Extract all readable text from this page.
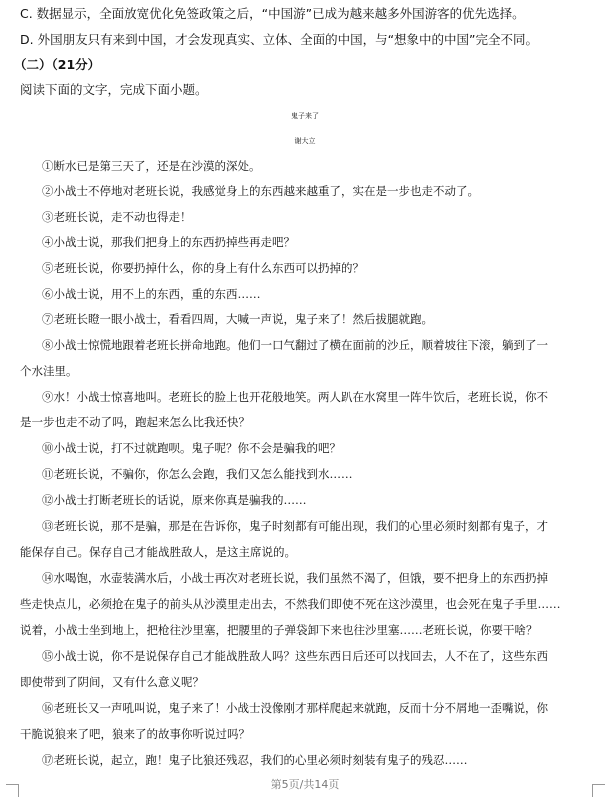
C. 数据显示，全面放宽优化免签政策之后，“中国游”已成为越来越多外国游客的优先选择。
D. 外国朋友只有来到中国，才会发现真实、立体、全面的中国，与“想象中的中国”完全不同。
（二）（21分）
阅读下面的文字，完成下面小题。
鬼子来了
谢大立
①断水已是第三天了，还是在沙漠的深处。
②小战士不停地对老班长说，我感觉身上的东西越来越重了，实在是一步也走不动了。
③老班长说，走不动也得走！
④小战士说，那我们把身上的东西扔掉些再走吧？
⑤老班长说，你要扔掉什么，你的身上有什么东西可以扔掉的？
⑥小战士说，用不上的东西，重的东西……
⑦老班长瞪一眼小战士，看看四周，大喊一声说，鬼子来了！然后拔腿就跑。
⑧小战士惊慌地跟着老班长拼命地跑。他们一口气翻过了横在面前的沙丘，顺着坡往下滚，躺到了一
个水洼里。
⑨水！小战士惊喜地叫。老班长的脸上也开花般地笑。两人趴在水窝里一阵牛饮后，老班长说，你不
是一步也走不动了吗，跑起来怎么比我还快？
⑩小战士说，打不过就跑呗。鬼子呢？你不会是骗我的吧？
⑪老班长说，不骗你，你怎么会跑，我们又怎么能找到水……
⑫小战士打断老班长的话说，原来你真是骗我的……
⑬老班长说，那不是骗，那是在告诉你，鬼子时刻都有可能出现，我们的心里必须时刻都有鬼子，才
能保存自己。保存自己才能战胜敌人，是这主席说的。
⑭水喝饱，水壶装满水后，小战士再次对老班长说，我们虽然不渴了，但饿，要不把身上的东西扔掉
些走快点儿，必须抢在鬼子的前头从沙漠里走出去，不然我们即使不死在这沙漠里，也会死在鬼子手里……
说着，小战士坐到地上，把枪往沙里塞，把腰里的子弹袋卸下来也往沙里塞……老班长说，你要干啥？
⑮小战士说，你不是说保存自己才能战胜敌人吗？这些东西日后还可以找回去，人不在了，这些东西
即使带到了阴间，又有什么意义呢？
⑯老班长又一声吼叫说，鬼子来了！小战士没像刚才那样爬起来就跑，反而十分不屑地一歪嘴说，你
干脆说狼来了吧，狼来了的故事你听说过吗？
⑰老班长说，起立，跑！鬼子比狼还残忍，我们的心里必须时刻装有鬼子的残忍……
第5页/共14页
